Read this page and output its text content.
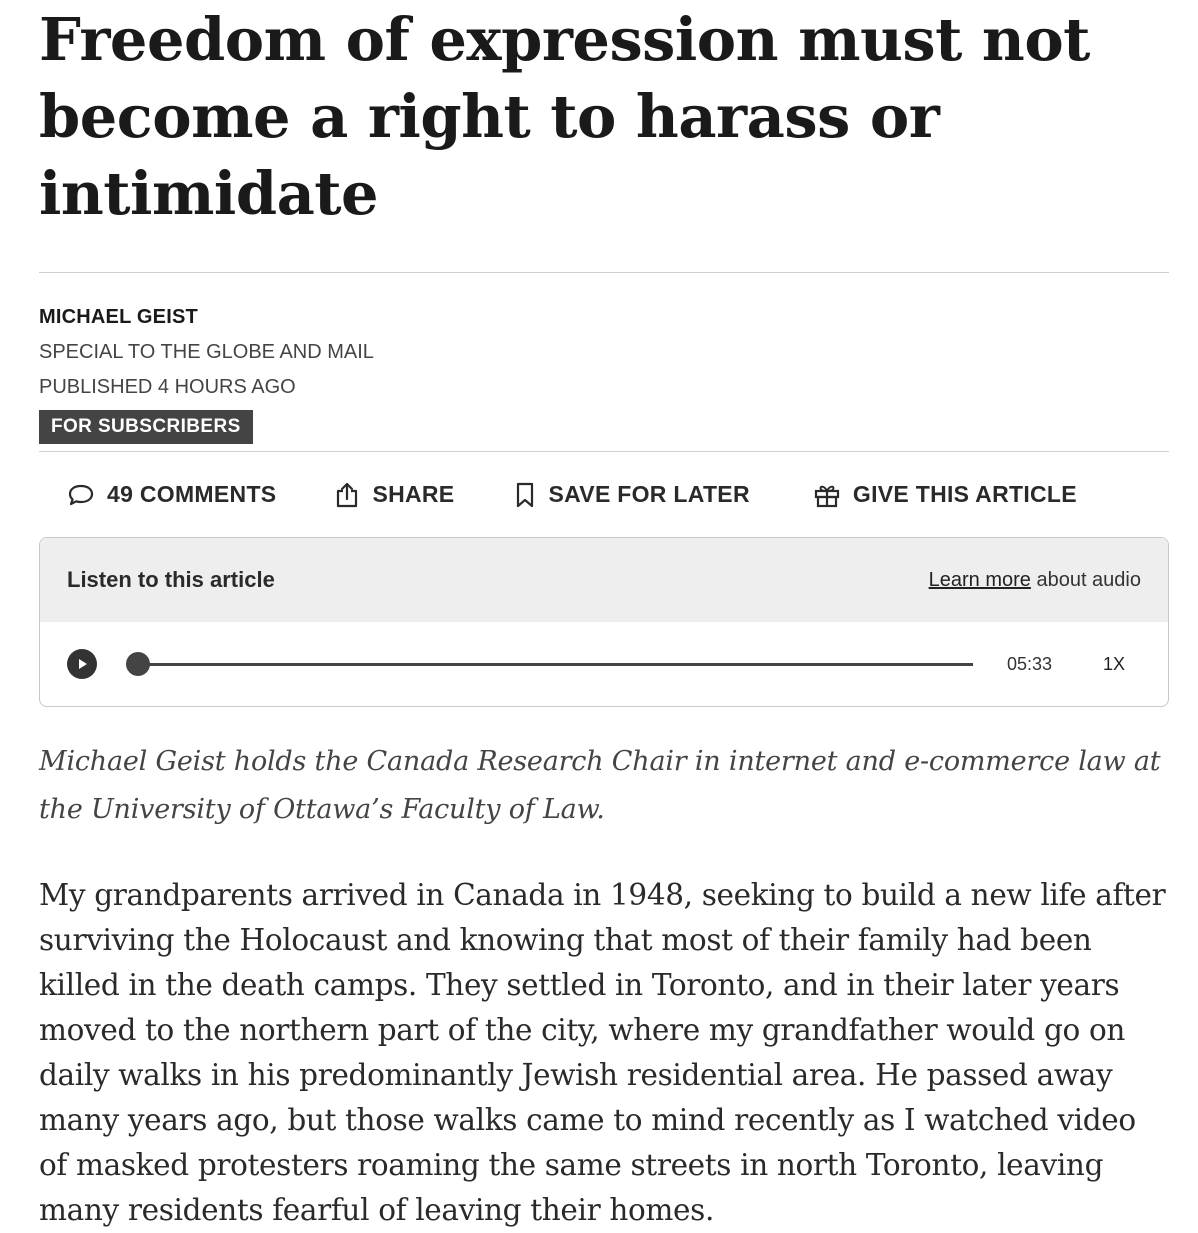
Freedom of expression must not become a right to harass or intimidate
MICHAEL GEIST
SPECIAL TO THE GLOBE AND MAIL
PUBLISHED 4 HOURS AGO
FOR SUBSCRIBERS
49 COMMENTS	SHARE	SAVE FOR LATER	GIVE THIS ARTICLE
Listen to this article	Learn more about audio
05:33	1X
Michael Geist holds the Canada Research Chair in internet and e-commerce law at the University of Ottawa’s Faculty of Law.
My grandparents arrived in Canada in 1948, seeking to build a new life after surviving the Holocaust and knowing that most of their family had been killed in the death camps. They settled in Toronto, and in their later years moved to the northern part of the city, where my grandfather would go on daily walks in his predominantly Jewish residential area. He passed away many years ago, but those walks came to mind recently as I watched video of masked protesters roaming the same streets in north Toronto, leaving many residents fearful of leaving their homes.
